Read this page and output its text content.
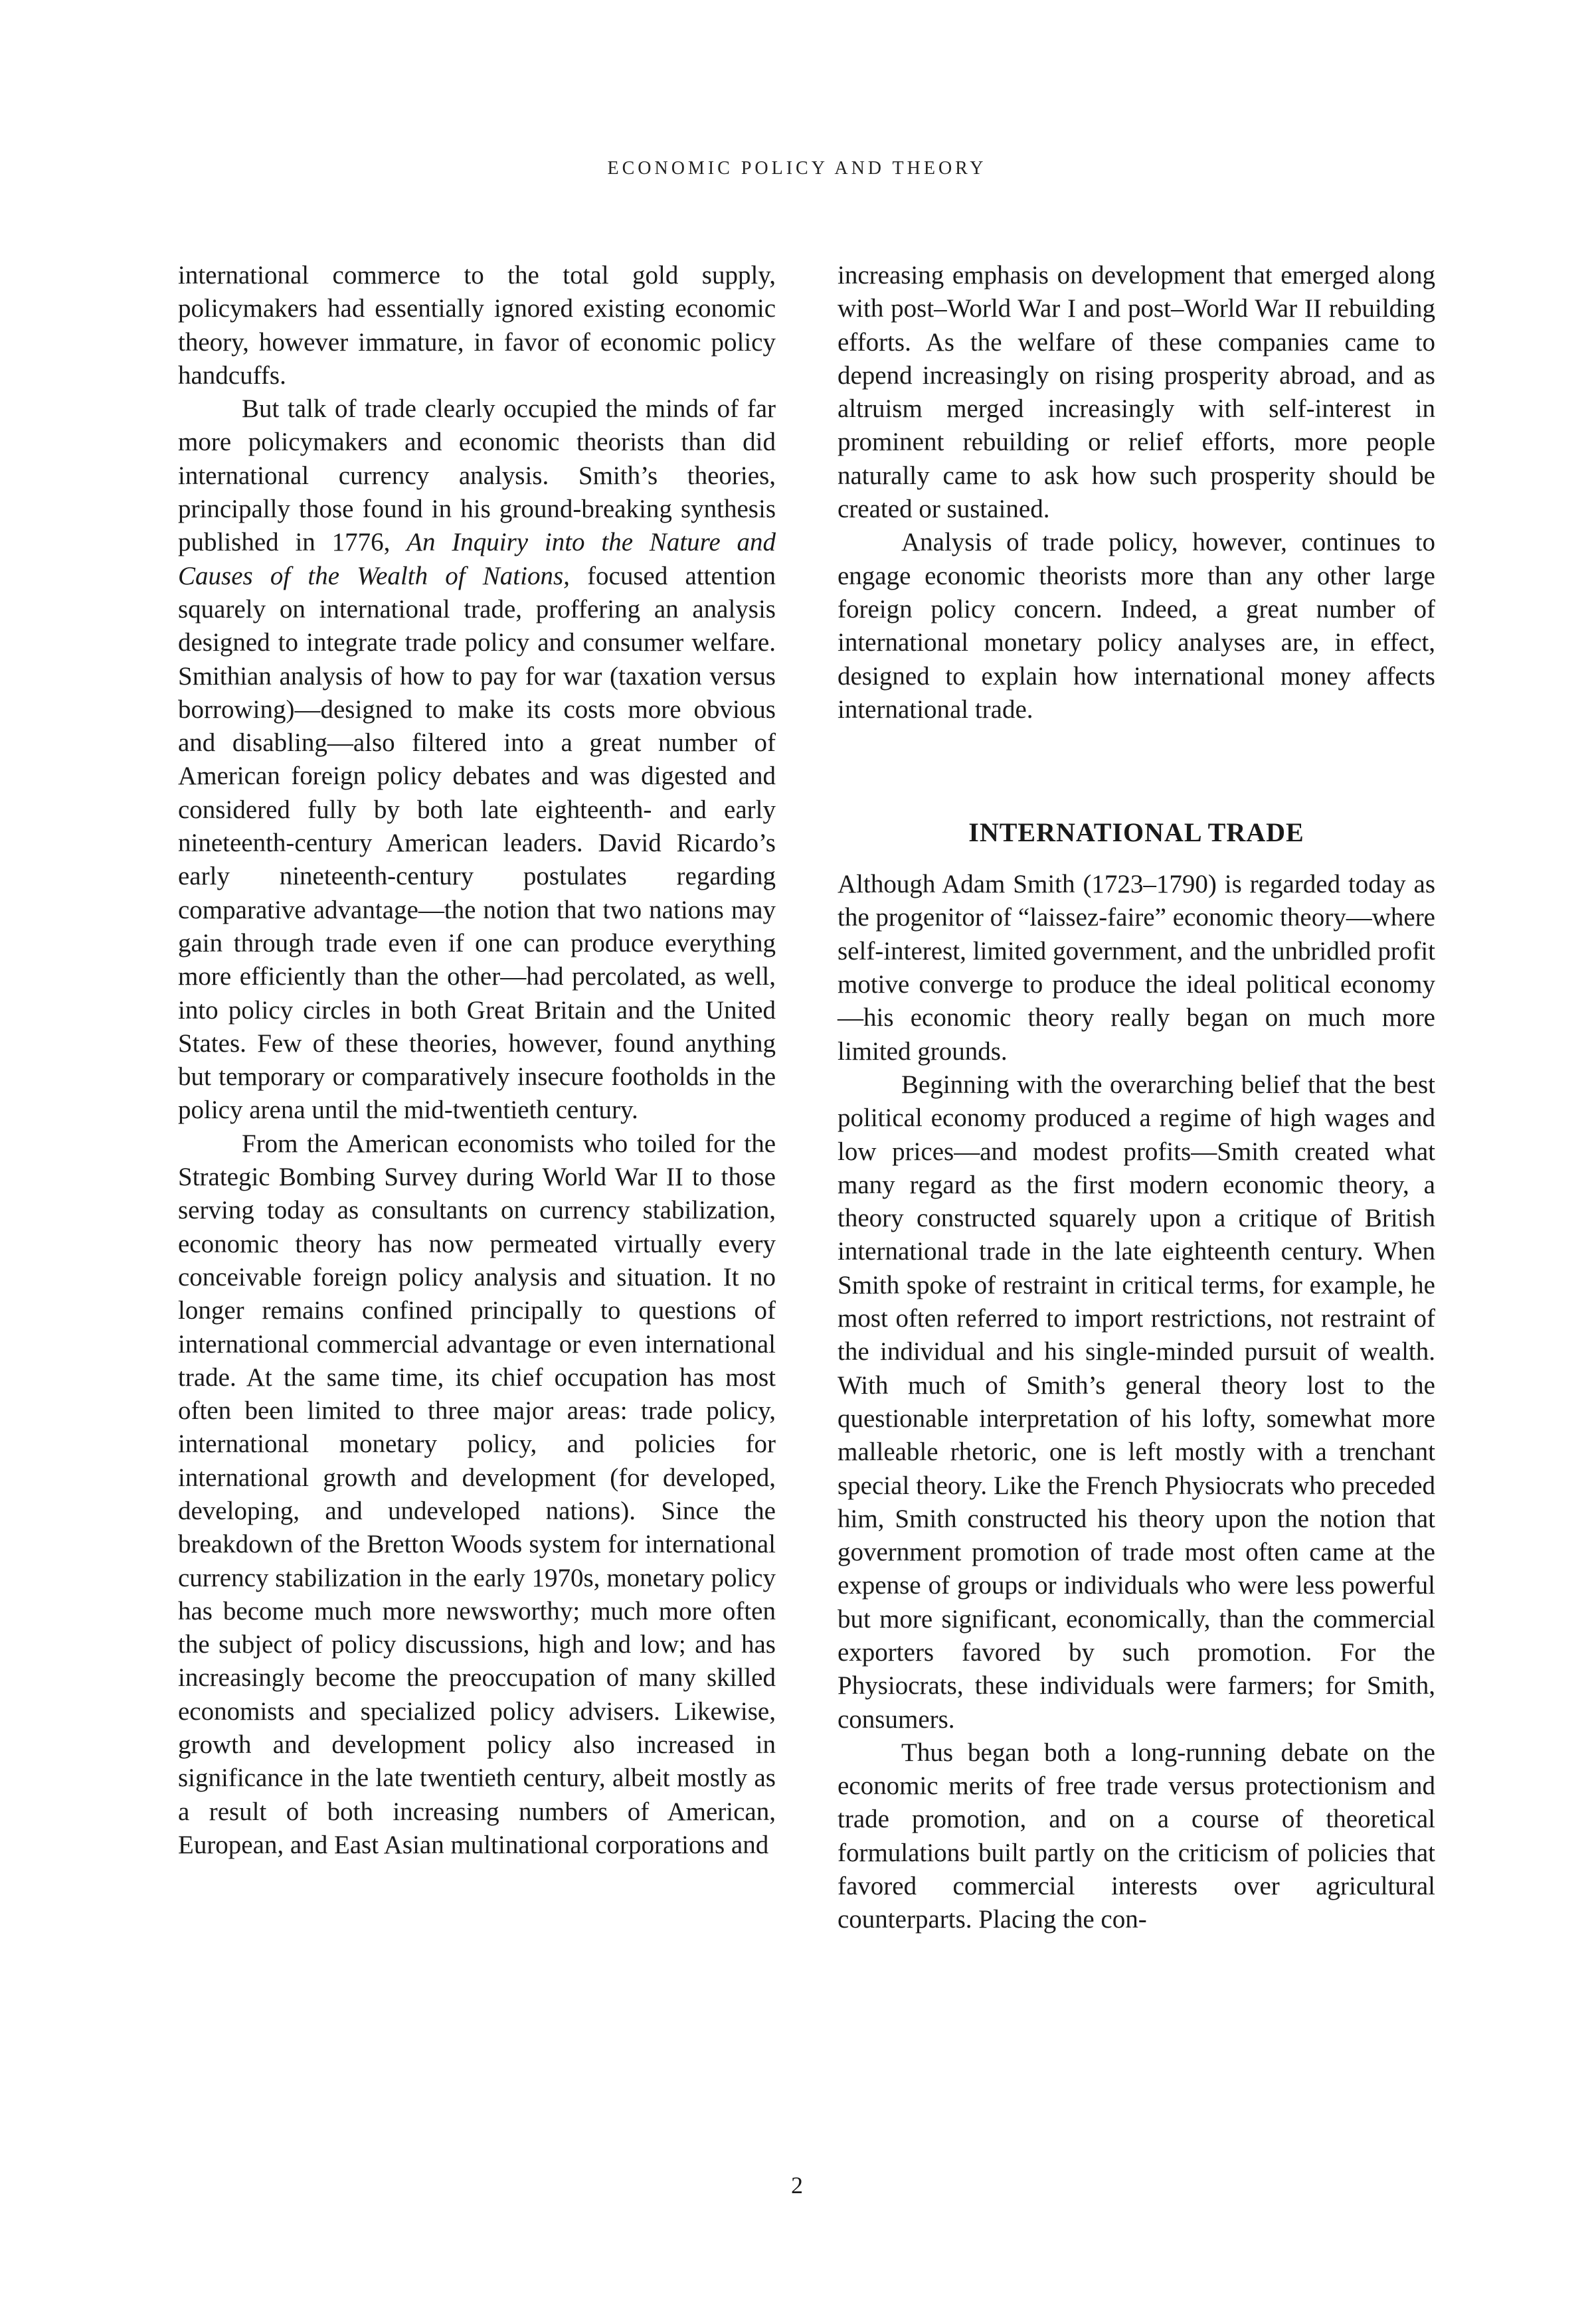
ECONOMIC POLICY AND THEORY

international commerce to the total gold supply, policymakers had essentially ignored existing economic theory, however immature, in favor of economic policy handcuffs.

But talk of trade clearly occupied the minds of far more policymakers and economic theorists than did international currency analysis. Smith’s theories, principally those found in his ground-breaking synthesis published in 1776, An Inquiry into the Nature and Causes of the Wealth of Nations, focused attention squarely on international trade, proffering an analysis designed to integrate trade policy and consumer welfare. Smithian analysis of how to pay for war (taxation versus borrowing)—designed to make its costs more obvious and disabling—also filtered into a great number of American foreign policy debates and was digested and considered fully by both late eighteenth- and early nineteenth-century American leaders. David Ricardo’s early nineteenth-century postulates regarding comparative advantage—the notion that two nations may gain through trade even if one can produce everything more efficiently than the other—had percolated, as well, into policy circles in both Great Britain and the United States. Few of these theories, however, found anything but temporary or comparatively insecure footholds in the policy arena until the mid-twentieth century.

From the American economists who toiled for the Strategic Bombing Survey during World War II to those serving today as consultants on currency stabilization, economic theory has now permeated virtually every conceivable foreign policy analysis and situation. It no longer remains confined principally to questions of international commercial advantage or even international trade. At the same time, its chief occupation has most often been limited to three major areas: trade policy, international monetary policy, and policies for international growth and development (for developed, developing, and undeveloped nations). Since the breakdown of the Bretton Woods system for international currency stabilization in the early 1970s, monetary policy has become much more newsworthy; much more often the subject of policy discussions, high and low; and has increasingly become the preoccupation of many skilled economists and specialized policy advisers. Likewise, growth and development policy also increased in significance in the late twentieth century, albeit mostly as a result of both increasing numbers of American, European, and East Asian multinational corporations and

increasing emphasis on development that emerged along with post–World War I and post–World War II rebuilding efforts. As the welfare of these companies came to depend increasingly on rising prosperity abroad, and as altruism merged increasingly with self-interest in prominent rebuilding or relief efforts, more people naturally came to ask how such prosperity should be created or sustained.

Analysis of trade policy, however, continues to engage economic theorists more than any other large foreign policy concern. Indeed, a great number of international monetary policy analyses are, in effect, designed to explain how international money affects international trade.

INTERNATIONAL TRADE

Although Adam Smith (1723–1790) is regarded today as the progenitor of “laissez-faire” economic theory—where self-interest, limited government, and the unbridled profit motive converge to produce the ideal political economy—his economic theory really began on much more limited grounds.

Beginning with the overarching belief that the best political economy produced a regime of high wages and low prices—and modest profits—Smith created what many regard as the first modern economic theory, a theory constructed squarely upon a critique of British international trade in the late eighteenth century. When Smith spoke of restraint in critical terms, for example, he most often referred to import restrictions, not restraint of the individual and his single-minded pursuit of wealth. With much of Smith’s general theory lost to the questionable interpretation of his lofty, somewhat more malleable rhetoric, one is left mostly with a trenchant special theory. Like the French Physiocrats who preceded him, Smith constructed his theory upon the notion that government promotion of trade most often came at the expense of groups or individuals who were less powerful but more significant, economically, than the commercial exporters favored by such promotion. For the Physiocrats, these individuals were farmers; for Smith, consumers.

Thus began both a long-running debate on the economic merits of free trade versus protectionism and trade promotion, and on a course of theoretical formulations built partly on the criticism of policies that favored commercial interests over agricultural counterparts. Placing the con-

2
